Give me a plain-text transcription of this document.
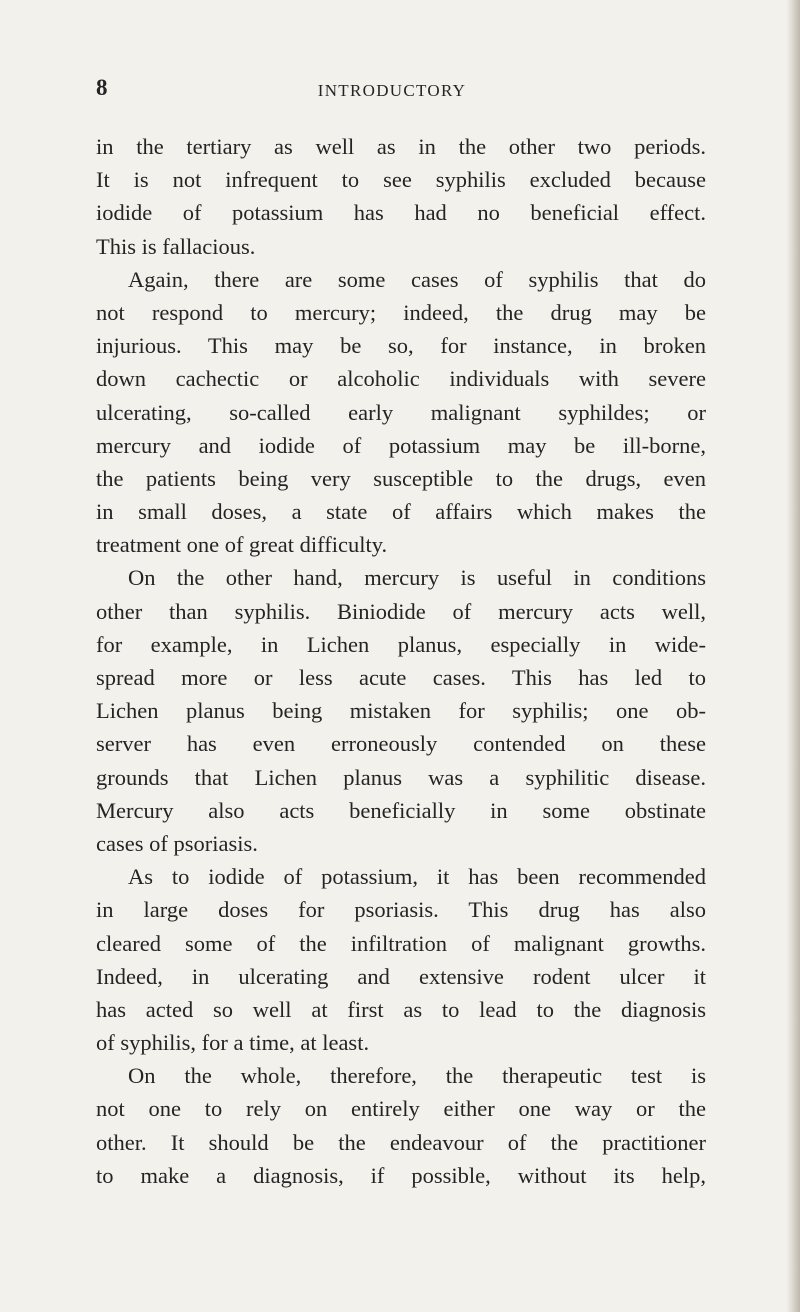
8	INTRODUCTORY
in the tertiary as well as in the other two periods.
It is not infrequent to see syphilis excluded because
iodide of potassium has had no beneficial effect.
This is fallacious.
Again, there are some cases of syphilis that do
not respond to mercury; indeed, the drug may be
injurious. This may be so, for instance, in broken
down cachectic or alcoholic individuals with severe
ulcerating, so-called early malignant syphildes; or
mercury and iodide of potassium may be ill-borne,
the patients being very susceptible to the drugs, even
in small doses, a state of affairs which makes the
treatment one of great difficulty.
On the other hand, mercury is useful in conditions
other than syphilis. Biniodide of mercury acts well,
for example, in Lichen planus, especially in wide-
spread more or less acute cases. This has led to
Lichen planus being mistaken for syphilis; one ob-
server has even erroneously contended on these
grounds that Lichen planus was a syphilitic disease.
Mercury also acts beneficially in some obstinate
cases of psoriasis.
As to iodide of potassium, it has been recommended
in large doses for psoriasis. This drug has also
cleared some of the infiltration of malignant growths.
Indeed, in ulcerating and extensive rodent ulcer it
has acted so well at first as to lead to the diagnosis
of syphilis, for a time, at least.
On the whole, therefore, the therapeutic test is
not one to rely on entirely either one way or the
other. It should be the endeavour of the practitioner
to make a diagnosis, if possible, without its help,
